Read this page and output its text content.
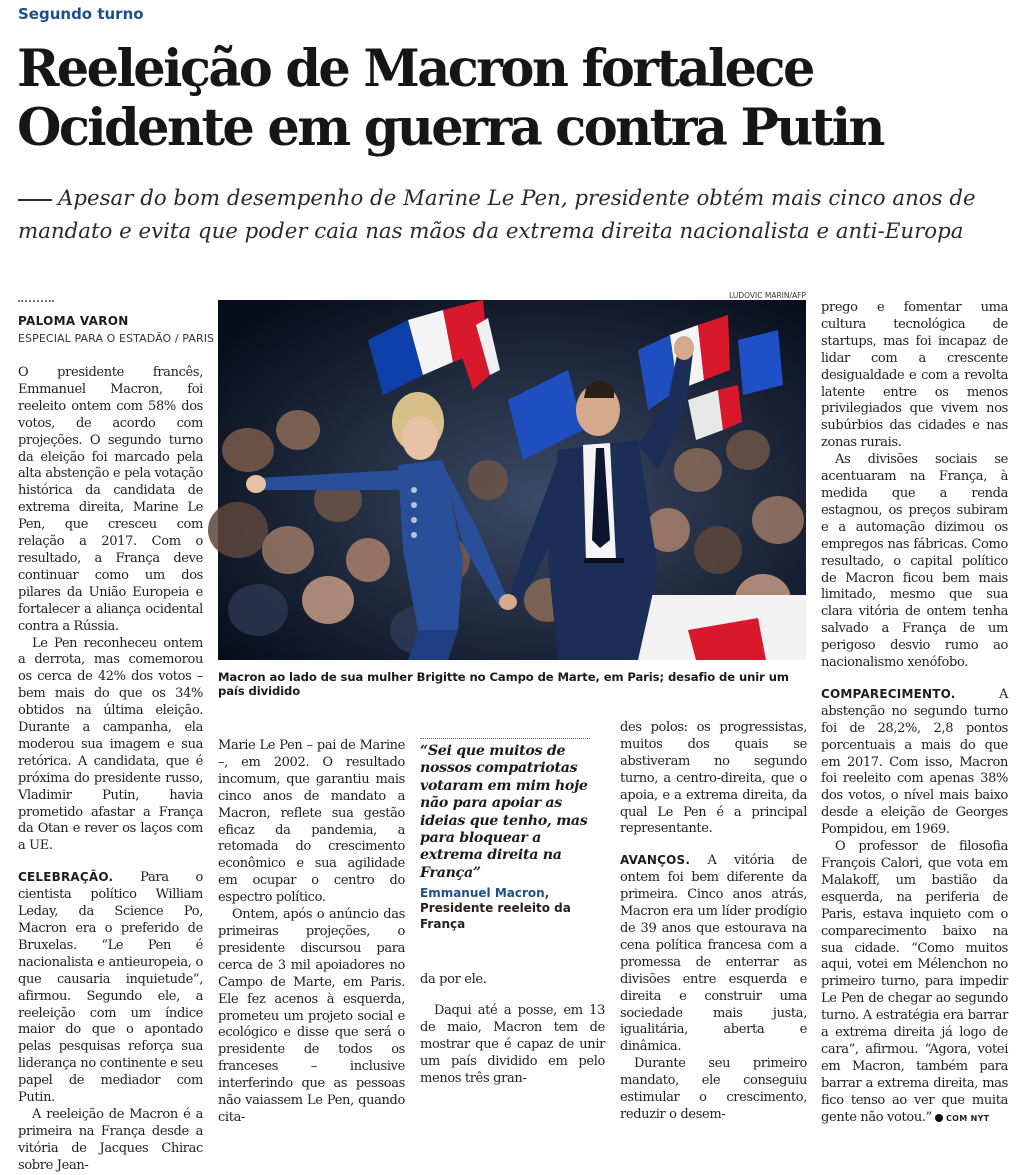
Segundo turno
Reeleição de Macron fortalece
Ocidente em guerra contra Putin
Apesar do bom desempenho de Marine Le Pen, presidente obtém mais cinco anos de mandato e evita que poder caia nas mãos da extrema direita nacionalista e anti-Europa
PALOMA VARON
ESPECIAL PARA O ESTADÃO / PARIS
LUDOVIC MARIN/AFP
Macron ao lado de sua mulher Brigitte no Campo de Marte, em Paris; desafio de unir um país dividido

O presidente francês, Emmanuel Macron, foi reeleito ontem com 58% dos votos, de acordo com projeções. O segundo turno da eleição foi marcado pela alta abstenção e pela votação histórica da candidata de extrema direita, Marine Le Pen, que cresceu com relação a 2017. Com o resultado, a França deve continuar como um dos pilares da União Europeia e fortalecer a aliança ocidental contra a Rússia.

Le Pen reconheceu ontem a derrota, mas comemorou os cerca de 42% dos votos – bem mais do que os 34% obtidos na última eleição. Durante a campanha, ela moderou sua imagem e sua retórica. A candidata, que é próxima do presidente russo, Vladimir Putin, havia prometido afastar a França da Otan e rever os laços com a UE.

CELEBRAÇÃO. Para o cientista político William Leday, da Science Po, Macron era o preferido de Bruxelas. “Le Pen é nacionalista e antieuropeia, o que causaria inquietude”, afirmou. Segundo ele, a reeleição com um índice maior do que o apontado pelas pesquisas reforça sua liderança no continente e seu papel de mediador com Putin.

A reeleição de Macron é a primeira na França desde a vitória de Jacques Chirac sobre Jean-

Marie Le Pen – pai de Marine –, em 2002. O resultado incomum, que garantiu mais cinco anos de mandato a Macron, reflete sua gestão eficaz da pandemia, a retomada do crescimento econômico e sua agilidade em ocupar o centro do espectro político.

Ontem, após o anúncio das primeiras projeções, o presidente discursou para cerca de 3 mil apoiadores no Campo de Marte, em Paris. Ele fez acenos à esquerda, prometeu um projeto social e ecológico e disse que será o presidente de todos os franceses – inclusive interferindo que as pessoas não vaiassem Le Pen, quando cita-

“Sei que muitos de nossos compatriotas votaram em mim hoje não para apoiar as ideias que tenho, mas para bloquear a extrema direita na França”
Emmanuel Macron,
Presidente reeleito da França

da por ele.

Daqui até a posse, em 13 de maio, Macron tem de mostrar que é capaz de unir um país dividido em pelo menos três gran-

des polos: os progressistas, muitos dos quais se abstiveram no segundo turno, a centro-direita, que o apoia, e a extrema direita, da qual Le Pen é a principal representante.

AVANÇOS. A vitória de ontem foi bem diferente da primeira. Cinco anos atrás, Macron era um líder prodígio de 39 anos que estourava na cena política francesa com a promessa de enterrar as divisões entre esquerda e direita e construir uma sociedade mais justa, igualitária, aberta e dinâmica.

Durante seu primeiro mandato, ele conseguiu estimular o crescimento, reduzir o desem-

prego e fomentar uma cultura tecnológica de startups, mas foi incapaz de lidar com a crescente desigualdade e com a revolta latente entre os menos privilegiados que vivem nos subúrbios das cidades e nas zonas rurais.

As divisões sociais se acentuaram na França, à medida que a renda estagnou, os preços subiram e a automação dizimou os empregos nas fábricas. Como resultado, o capital político de Macron ficou bem mais limitado, mesmo que sua clara vitória de ontem tenha salvado a França de um perigoso desvio rumo ao nacionalismo xenófobo.

COMPARECIMENTO. A abstenção no segundo turno foi de 28,2%, 2,8 pontos porcentuais a mais do que em 2017. Com isso, Macron foi reeleito com apenas 38% dos votos, o nível mais baixo desde a eleição de Georges Pompidou, em 1969.

O professor de filosofia François Calori, que vota em Malakoff, um bastião da esquerda, na periferia de Paris, estava inquieto com o comparecimento baixo na sua cidade. “Como muitos aqui, votei em Mélenchon no primeiro turno, para impedir Le Pen de chegar ao segundo turno. A estratégia era barrar a extrema direita já logo de cara”, afirmou. “Agora, votei em Macron, também para barrar a extrema direita, mas fico tenso ao ver que muita gente não votou.” COM NYT
